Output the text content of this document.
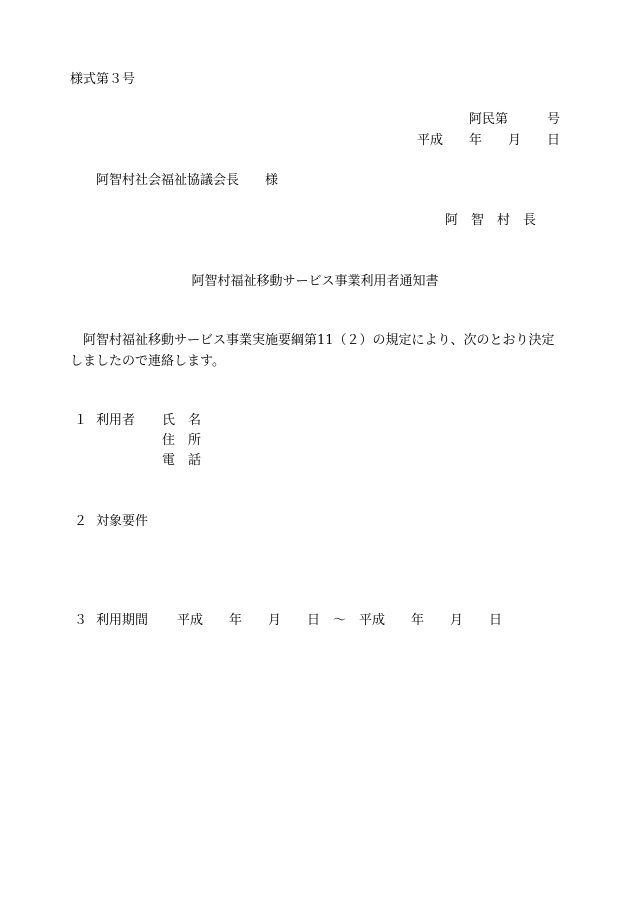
様式第３号

阿民第　　　号

平成　　年　　月　　日

阿智村社会福祉協議会長　　様

阿　智　村　長

阿智村福祉移動サービス事業利用者通知書

　阿智村福祉移動サービス事業実施要綱第11（２）の規定により、次のとおり決定

しましたので連絡します。

１ 利用者 氏　名
住　所
電　話
２ 対象要件
３ 利用期間 平成　　年　　月　　日　～　平成　　年　　月　　日
